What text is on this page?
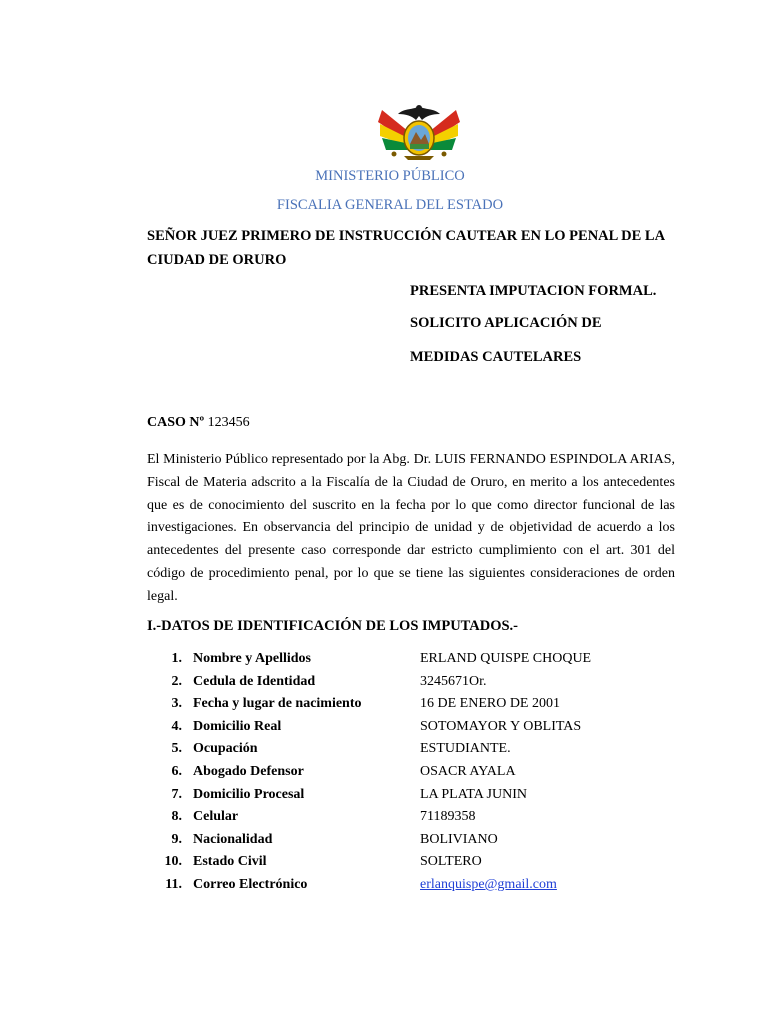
MINISTERIO PÚBLICO
FISCALIA GENERAL DEL ESTADO
SEÑOR JUEZ PRIMERO DE INSTRUCCIÓN CAUTEAR EN LO PENAL DE LA CIUDAD DE ORURO
PRESENTA IMPUTACION FORMAL.
SOLICITO APLICACIÓN DE
MEDIDAS CAUTELARES
CASO Nº 123456
El Ministerio Público representado por la Abg. Dr. LUIS FERNANDO ESPINDOLA ARIAS, Fiscal de Materia adscrito a la Fiscalía de la Ciudad de Oruro, en merito a los antecedentes que es de conocimiento del suscrito en la fecha por lo que como director funcional de las investigaciones. En observancia del principio de unidad y de objetividad de acuerdo a los antecedentes del presente caso corresponde dar estricto cumplimiento con el art. 301 del código de procedimiento penal, por lo que se tiene las siguientes consideraciones de orden legal.
I.-DATOS DE IDENTIFICACIÓN DE LOS IMPUTADOS.-
1. Nombre y Apellidos	ERLAND QUISPE CHOQUE
2. Cedula de Identidad	3245671Or.
3. Fecha y lugar de nacimiento	16 DE ENERO DE 2001
4. Domicilio Real	SOTOMAYOR Y OBLITAS
5. Ocupación	ESTUDIANTE.
6. Abogado Defensor	OSACR AYALA
7. Domicilio Procesal	LA PLATA JUNIN
8. Celular	71189358
9. Nacionalidad	BOLIVIANO
10. Estado Civil	SOLTERO
11. Correo Electrónico	erlanquispe@gmail.com
